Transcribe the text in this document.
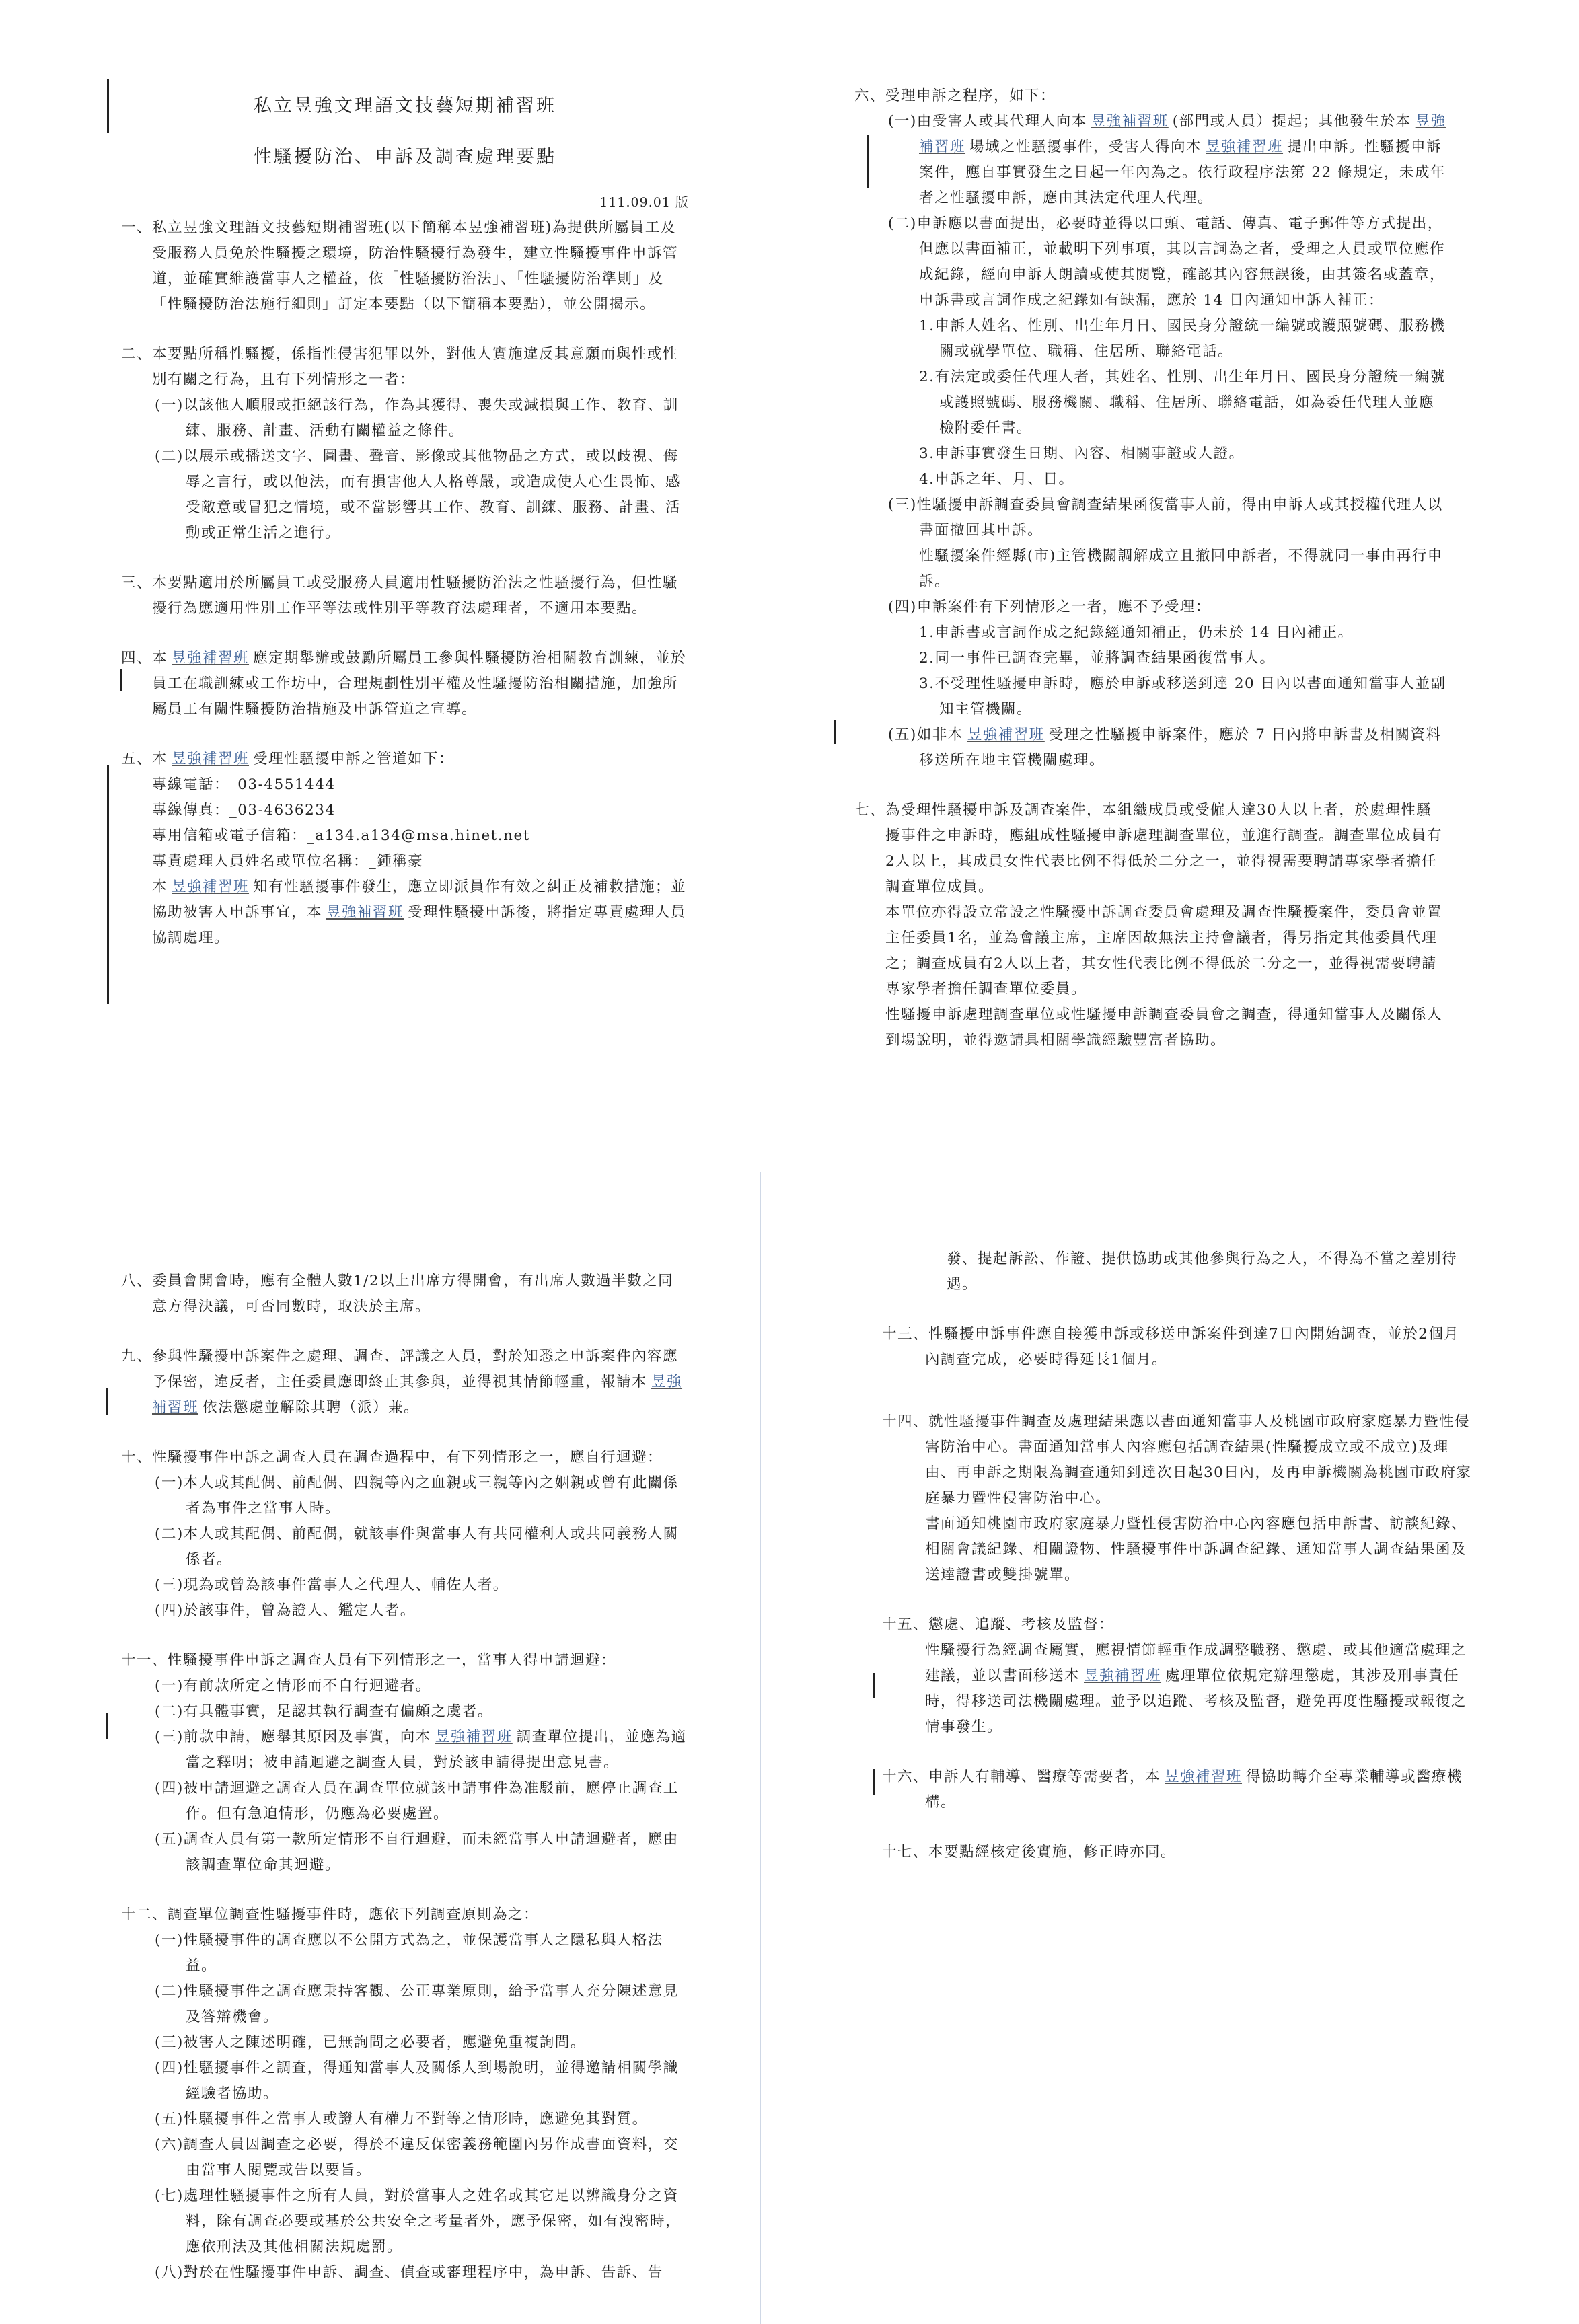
私立昱強文理語文技藝短期補習班

性騷擾防治、申訴及調查處理要點

111.09.01 版

一、私立昱強文理語文技藝短期補習班(以下簡稱本昱強補習班)為提供所屬員工及受服務人員免於性騷擾之環境，防治性騷擾行為發生，建立性騷擾事件申訴管道，並確實維護當事人之權益，依「性騷擾防治法」、「性騷擾防治準則」及「性騷擾防治法施行細則」訂定本要點（以下簡稱本要點），並公開揭示。

二、本要點所稱性騷擾，係指性侵害犯罪以外，對他人實施違反其意願而與性或性別有關之行為，且有下列情形之一者：

(一)以該他人順服或拒絕該行為，作為其獲得、喪失或減損與工作、教育、訓練、服務、計畫、活動有關權益之條件。

(二)以展示或播送文字、圖畫、聲音、影像或其他物品之方式，或以歧視、侮辱之言行，或以他法，而有損害他人人格尊嚴，或造成使人心生畏怖、感受敵意或冒犯之情境，或不當影響其工作、教育、訓練、服務、計畫、活動或正常生活之進行。

三、本要點適用於所屬員工或受服務人員適用性騷擾防治法之性騷擾行為，但性騷擾行為應適用性別工作平等法或性別平等教育法處理者，不適用本要點。

四、本 昱強補習班 應定期舉辦或鼓勵所屬員工參與性騷擾防治相關教育訓練，並於員工在職訓練或工作坊中，合理規劃性別平權及性騷擾防治相關措施，加強所屬員工有關性騷擾防治措施及申訴管道之宣導。

五、本 昱強補習班 受理性騷擾申訴之管道如下：

專線電話：_03-4551444

專線傳真：_03-4636234

專用信箱或電子信箱：_a134.a134@msa.hinet.net

專責處理人員姓名或單位名稱：_鍾稱豪

本 昱強補習班 知有性騷擾事件發生，應立即派員作有效之糾正及補救措施；並協助被害人申訴事宜，本 昱強補習班 受理性騷擾申訴後，將指定專責處理人員協調處理。

六、受理申訴之程序，如下：

(一)由受害人或其代理人向本 昱強補習班 (部門或人員）提起；其他發生於本 昱強補習班 場域之性騷擾事件，受害人得向本 昱強補習班 提出申訴。性騷擾申訴案件，應自事實發生之日起一年內為之。依行政程序法第 22 條規定，未成年者之性騷擾申訴，應由其法定代理人代理。

(二)申訴應以書面提出，必要時並得以口頭、電話、傳真、電子郵件等方式提出，但應以書面補正，並載明下列事項，其以言詞為之者，受理之人員或單位應作成紀錄，經向申訴人朗讀或使其閱覽，確認其內容無誤後，由其簽名或蓋章，申訴書或言詞作成之紀錄如有缺漏，應於 14 日內通知申訴人補正：

1.申訴人姓名、性別、出生年月日、國民身分證統一編號或護照號碼、服務機關或就學單位、職稱、住居所、聯絡電話。

2.有法定或委任代理人者，其姓名、性別、出生年月日、國民身分證統一編號或護照號碼、服務機關、職稱、住居所、聯絡電話，如為委任代理人並應檢附委任書。

3.申訴事實發生日期、內容、相關事證或人證。

4.申訴之年、月、日。

(三)性騷擾申訴調查委員會調查結果函復當事人前，得由申訴人或其授權代理人以書面撤回其申訴。

性騷擾案件經縣(市)主管機關調解成立且撤回申訴者，不得就同一事由再行申訴。

(四)申訴案件有下列情形之一者，應不予受理：

1.申訴書或言詞作成之紀錄經通知補正，仍未於 14 日內補正。

2.同一事件已調查完畢，並將調查結果函復當事人。

3.不受理性騷擾申訴時，應於申訴或移送到達 20 日內以書面通知當事人並副知主管機關。

(五)如非本 昱強補習班 受理之性騷擾申訴案件，應於 7 日內將申訴書及相關資料移送所在地主管機關處理。

七、為受理性騷擾申訴及調查案件，本組織成員或受僱人達30人以上者，於處理性騷擾事件之申訴時，應組成性騷擾申訴處理調查單位，並進行調查。調查單位成員有2人以上，其成員女性代表比例不得低於二分之一，並得視需要聘請專家學者擔任調查單位成員。

本單位亦得設立常設之性騷擾申訴調查委員會處理及調查性騷擾案件，委員會並置主任委員1名，並為會議主席，主席因故無法主持會議者，得另指定其他委員代理之；調查成員有2人以上者，其女性代表比例不得低於二分之一，並得視需要聘請專家學者擔任調查單位委員。

性騷擾申訴處理調查單位或性騷擾申訴調查委員會之調查，得通知當事人及關係人到場說明，並得邀請具相關學識經驗豐富者協助。

八、委員會開會時，應有全體人數1/2以上出席方得開會，有出席人數過半數之同意方得決議，可否同數時，取決於主席。

九、參與性騷擾申訴案件之處理、調查、評議之人員，對於知悉之申訴案件內容應予保密，違反者，主任委員應即終止其參與，並得視其情節輕重，報請本 昱強補習班 依法懲處並解除其聘（派）兼。

十、性騷擾事件申訴之調查人員在調查過程中，有下列情形之一，應自行迴避：

(一)本人或其配偶、前配偶、四親等內之血親或三親等內之姻親或曾有此關係者為事件之當事人時。

(二)本人或其配偶、前配偶，就該事件與當事人有共同權利人或共同義務人關係者。

(三)現為或曾為該事件當事人之代理人、輔佐人者。

(四)於該事件，曾為證人、鑑定人者。

十一、性騷擾事件申訴之調查人員有下列情形之一，當事人得申請迴避：

(一)有前款所定之情形而不自行迴避者。

(二)有具體事實，足認其執行調查有偏頗之虞者。

(三)前款申請，應舉其原因及事實，向本 昱強補習班 調查單位提出，並應為適當之釋明；被申請迴避之調查人員，對於該申請得提出意見書。

(四)被申請迴避之調查人員在調查單位就該申請事件為准駁前，應停止調查工作。但有急迫情形，仍應為必要處置。

(五)調查人員有第一款所定情形不自行迴避，而未經當事人申請迴避者，應由該調查單位命其迴避。

十二、調查單位調查性騷擾事件時，應依下列調查原則為之：

(一)性騷擾事件的調查應以不公開方式為之，並保護當事人之隱私與人格法益。

(二)性騷擾事件之調查應秉持客觀、公正專業原則，給予當事人充分陳述意見及答辯機會。

(三)被害人之陳述明確，已無詢問之必要者，應避免重複詢問。

(四)性騷擾事件之調查，得通知當事人及關係人到場說明，並得邀請相關學識經驗者協助。

(五)性騷擾事件之當事人或證人有權力不對等之情形時，應避免其對質。

(六)調查人員因調查之必要，得於不違反保密義務範圍內另作成書面資料，交由當事人閱覽或告以要旨。

(七)處理性騷擾事件之所有人員，對於當事人之姓名或其它足以辨識身分之資料，除有調查必要或基於公共安全之考量者外，應予保密，如有洩密時，應依刑法及其他相關法規處罰。

(八)對於在性騷擾事件申訴、調查、偵查或審理程序中，為申訴、告訴、告

發、提起訴訟、作證、提供協助或其他參與行為之人，不得為不當之差別待遇。

十三、性騷擾申訴事件應自接獲申訴或移送申訴案件到達7日內開始調查，並於2個月內調查完成，必要時得延長1個月。

十四、就性騷擾事件調查及處理結果應以書面通知當事人及桃園市政府家庭暴力暨性侵害防治中心。書面通知當事人內容應包括調查結果(性騷擾成立或不成立)及理由、再申訴之期限為調查通知到達次日起30日內，及再申訴機關為桃園市政府家庭暴力暨性侵害防治中心。

書面通知桃園市政府家庭暴力暨性侵害防治中心內容應包括申訴書、訪談紀錄、相關會議紀錄、相關證物、性騷擾事件申訴調查紀錄、通知當事人調查結果函及送達證書或雙掛號單。

十五、懲處、追蹤、考核及監督：

性騷擾行為經調查屬實，應視情節輕重作成調整職務、懲處、或其他適當處理之建議，並以書面移送本 昱強補習班 處理單位依規定辦理懲處，其涉及刑事責任時，得移送司法機關處理。並予以追蹤、考核及監督，避免再度性騷擾或報復之情事發生。

十六、申訴人有輔導、醫療等需要者，本 昱強補習班 得協助轉介至專業輔導或醫療機構。

十七、本要點經核定後實施，修正時亦同。
